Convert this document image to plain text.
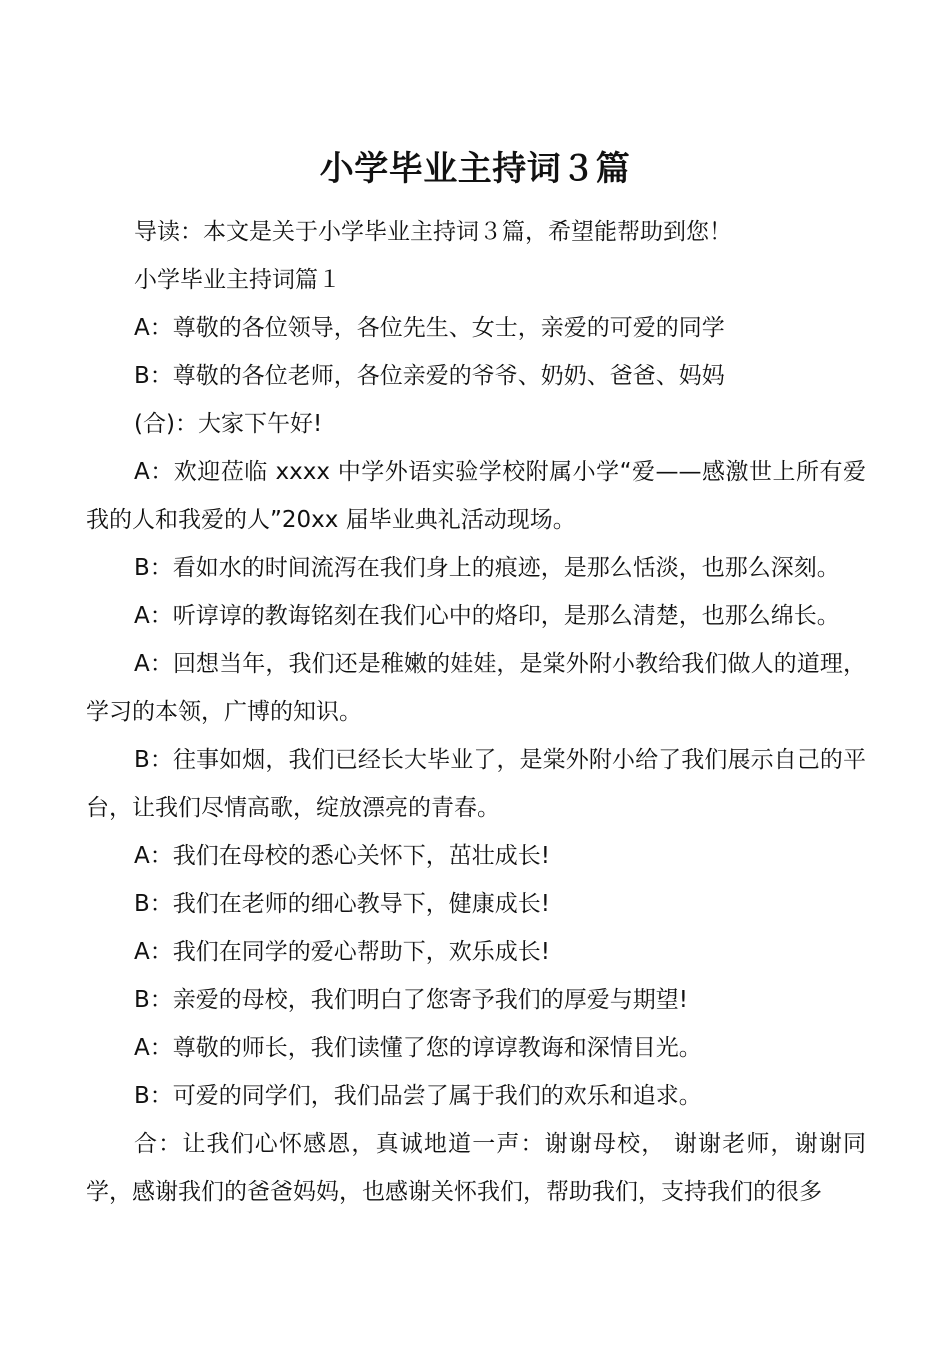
小学毕业主持词３篇

导读：本文是关于小学毕业主持词３篇，希望能帮助到您！

小学毕业主持词篇１

A：尊敬的各位领导，各位先生、女士，亲爱的可爱的同学

B：尊敬的各位老师，各位亲爱的爷爷、奶奶、爸爸、妈妈

(合)：大家下午好!

A：欢迎莅临 xxxx 中学外语实验学校附属小学“爱——感激世上所有爱我的人和我爱的人”20xx 届毕业典礼活动现场。

B：看如水的时间流泻在我们身上的痕迹，是那么恬淡，也那么深刻。

A：听谆谆的教诲铭刻在我们心中的烙印，是那么清楚，也那么绵长。

A：回想当年，我们还是稚嫩的娃娃，是棠外附小教给我们做人的道理，学习的本领，广博的知识。

B：往事如烟，我们已经长大毕业了，是棠外附小给了我们展示自己的平台，让我们尽情高歌，绽放漂亮的青春。

A：我们在母校的悉心关怀下，茁壮成长!

B：我们在老师的细心教导下，健康成长!

A：我们在同学的爱心帮助下，欢乐成长!

B：亲爱的母校，我们明白了您寄予我们的厚爱与期望!

A：尊敬的师长，我们读懂了您的谆谆教诲和深情目光。

B：可爱的同学们，我们品尝了属于我们的欢乐和追求。

合：让我们心怀感恩，真诚地道一声：谢谢母校， 谢谢老师，谢谢同学，感谢我们的爸爸妈妈，也感谢关怀我们，帮助我们，支持我们的很多
